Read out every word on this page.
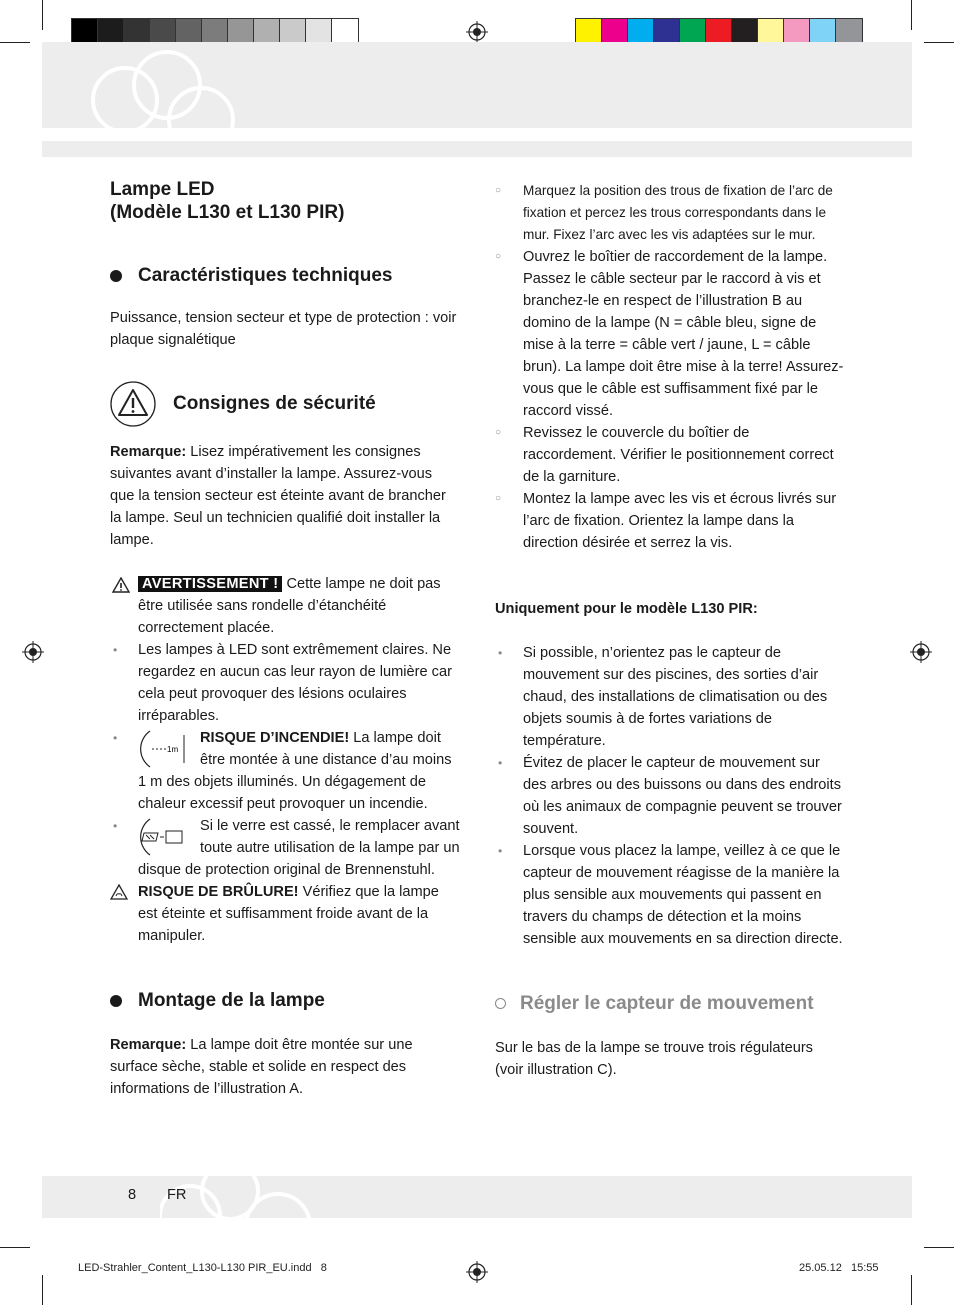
Lampe LED
(Modèle L130 et L130 PIR)
Caractéristiques techniques

Puissance, tension secteur et type de protection : voir plaque signalétique

Consignes de sécurité

Remarque: Lisez impérativement les consignes suivantes avant d’installer la lampe. Assurez-vous que la tension secteur est éteinte avant de brancher la lampe. Seul un technicien qualifié doit installer la lampe.

AVERTISSEMENT ! Cette lampe ne doit pas être utilisée sans rondelle d’étanchéité correctement placée.
• Les lampes à LED sont extrêmement claires. Ne regardez en aucun cas leur rayon de lumière car cela peut provoquer des lésions oculaires irréparables.
•
1m
RISQUE D’INCENDIE! La lampe doit être montée à une distance d’au moins 1 m des objets illuminés. Un dégagement de chaleur excessif peut provoquer un incendie.
•	Si le verre est cassé, le remplacer avant toute autre utilisation de la lampe par un disque de protection original de Brennenstuhl.
RISQUE DE BRÛLURE! Vérifiez que la lampe est éteinte et suffisamment froide avant de la manipuler.
Montage de la lampe

Remarque: La lampe doit être montée sur une surface sèche, stable et solide en respect des informations de l’illustration A.

○ Marquez la position des trous de fixation de l’arc de fixation et percez les trous correspondants dans le mur. Fixez l’arc avec les vis adaptées sur le mur.
○ Ouvrez le boîtier de raccordement de la lampe. Passez le câble secteur par le raccord à vis et branchez-le en respect de l’illustration B au domino de la lampe (N = câble bleu, signe de mise à la terre = câble vert / jaune, L = câble brun). La lampe doit être mise à la terre! Assurez-vous que le câble est suffisamment fixé par le raccord vissé.
○ Revissez le couvercle du boîtier de raccordement. Vérifier le positionnement correct de la garniture.
○ Montez la lampe avec les vis et écrous livrés sur l’arc de fixation. Orientez la lampe dans la direction désirée et serrez la vis.

Uniquement pour le modèle L130 PIR:

• Si possible, n’orientez pas le capteur de mouvement sur des piscines, des sorties d’air chaud, des installations de climatisation ou des objets soumis à de fortes variations de température.
• Évitez de placer le capteur de mouvement sur des arbres ou des buissons ou dans des endroits où les animaux de compagnie peuvent se trouver souvent.
• Lorsque vous placez la lampe, veillez à ce que le capteur de mouvement réagisse de la manière la plus sensible aux mouvements qui passent en travers du champs de détection et la moins sensible aux mouvements en sa direction directe.
Régler le capteur de mouvement

Sur le bas de la lampe se trouve trois régulateurs (voir illustration C).

8 FR
LED-Strahler_Content_L130-L130 PIR_EU.indd   8	25.05.12   15:55
